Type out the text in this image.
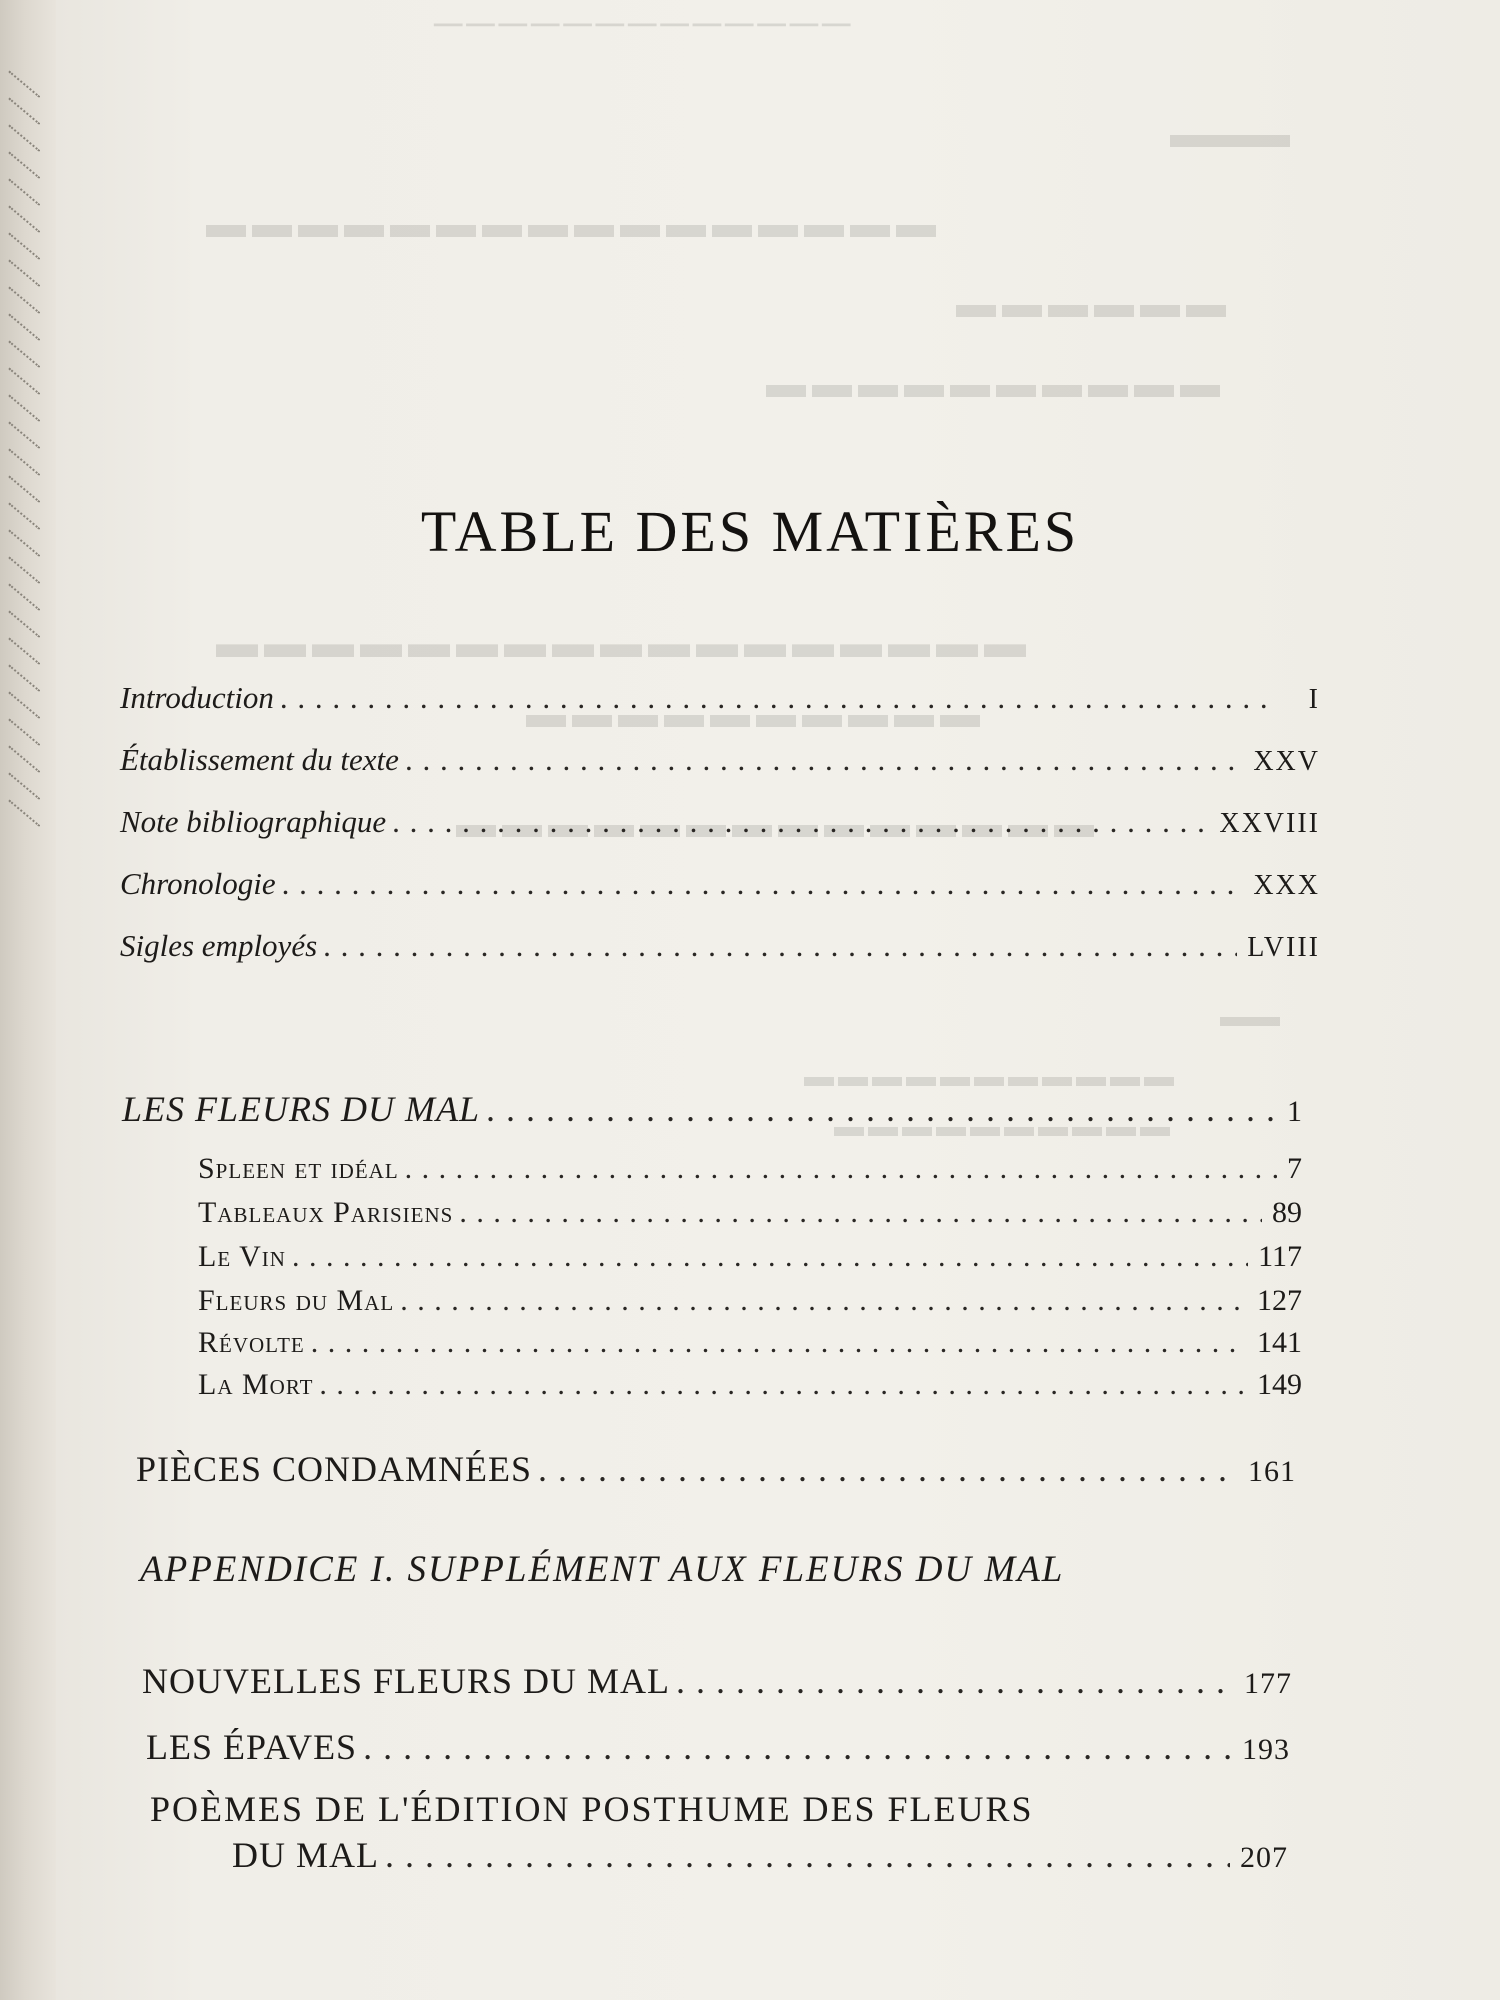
TABLE DES MATIÈRES
Introduction . . .	I
Établissement du texte . . .	XXV
Note bibliographique . . .	XXVIII
Chronologie . . .	XXX
Sigles employés . . .	LVIII
LES FLEURS DU MAL . . .	1
Spleen et idéal . . .	7
Tableaux Parisiens . . .	89
Le Vin . . .	117
Fleurs du Mal . . .	127
Révolte . . .	141
La Mort . . .	149
PIÈCES CONDAMNÉES . . .	161
APPENDICE I. SUPPLÉMENT AUX FLEURS DU MAL
NOUVELLES FLEURS DU MAL . . .	177
LES ÉPAVES . . .	193
POÈMES DE L'ÉDITION POSTHUME DES FLEURS
DU MAL . . .	207
